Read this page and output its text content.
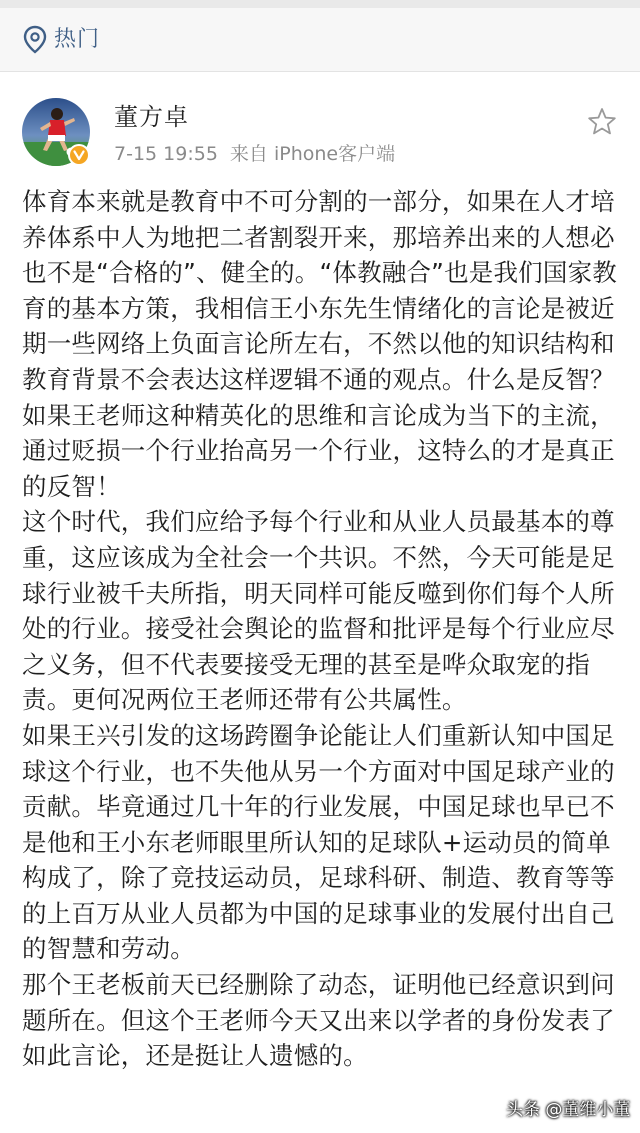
热门
董方卓
7-15 19:55 来自 iPhone客户端

体育本来就是教育中不可分割的一部分，如果在人才培养体系中人为地把二者割裂开来，那培养出来的人想必也不是“合格的”、健全的。“体教融合”也是我们国家教育的基本方策，我相信王小东先生情绪化的言论是被近期一些网络上负面言论所左右，不然以他的知识结构和教育背景不会表达这样逻辑不通的观点。什么是反智？如果王老师这种精英化的思维和言论成为当下的主流，通过贬损一个行业抬高另一个行业，这特么的才是真正的反智！

这个时代，我们应给予每个行业和从业人员最基本的尊重，这应该成为全社会一个共识。不然，今天可能是足球行业被千夫所指，明天同样可能反噬到你们每个人所处的行业。接受社会舆论的监督和批评是每个行业应尽之义务，但不代表要接受无理的甚至是哗众取宠的指责。更何况两位王老师还带有公共属性。

如果王兴引发的这场跨圈争论能让人们重新认知中国足球这个行业，也不失他从另一个方面对中国足球产业的贡献。毕竟通过几十年的行业发展，中国足球也早已不是他和王小东老师眼里所认知的足球队+运动员的简单构成了，除了竞技运动员，足球科研、制造、教育等等的上百万从业人员都为中国的足球事业的发展付出自己的智慧和劳动。

那个王老板前天已经删除了动态，证明他已经意识到问题所在。但这个王老师今天又出来以学者的身份发表了如此言论，还是挺让人遗憾的。

头条 @董维小董
